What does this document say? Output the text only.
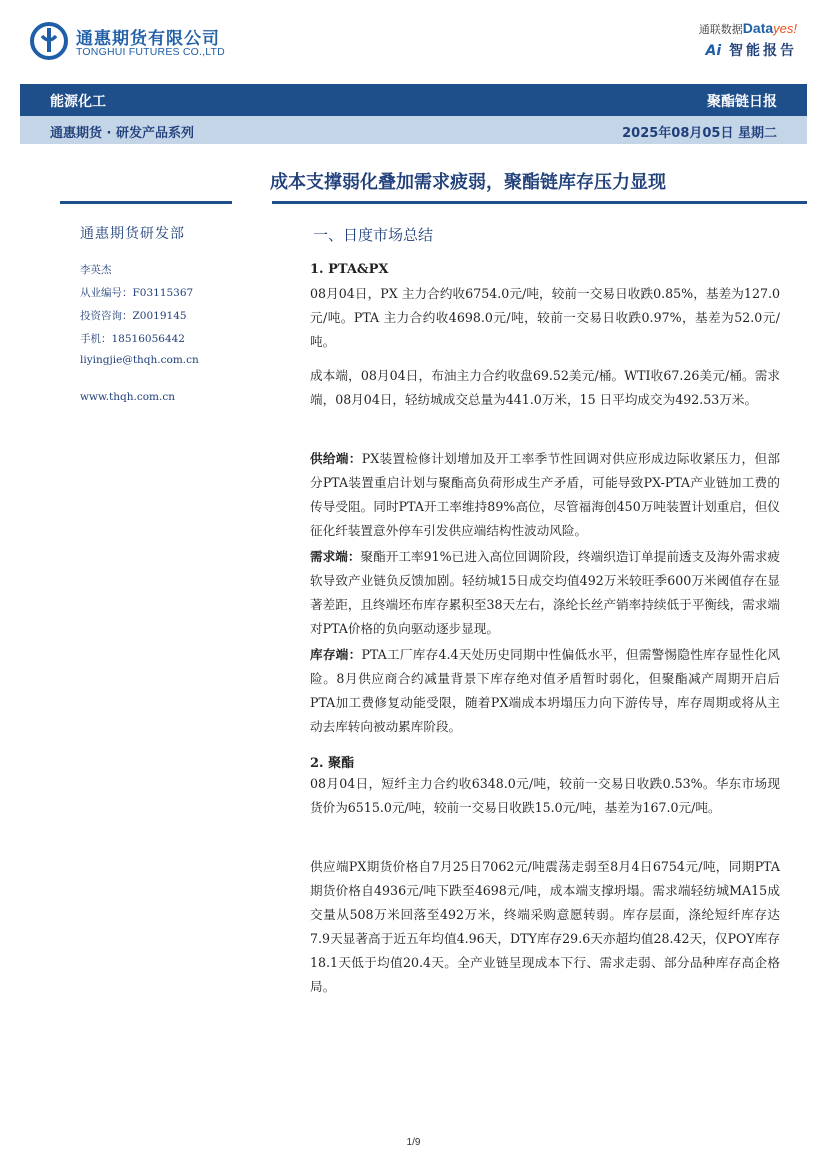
通惠期货有限公司
TONGHUI FUTURES CO.,LTD
通联数据Datayes!
Ai 智能报告
能源化工	聚酯链日报
通惠期货 · 研发产品系列	2025年08月05日 星期二
成本支撑弱化叠加需求疲弱，聚酯链库存压力显现
通惠期货研发部
李英杰
从业编号：F03115367
投资咨询：Z0019145
手机：18516056442
liyingjie@thqh.com.cn
www.thqh.com.cn
一、日度市场总结
1. PTA&PX

08月04日，PX 主力合约收6754.0元/吨，较前一交易日收跌0.85%，基差为127.0元/吨。PTA 主力合约收4698.0元/吨，较前一交易日收跌0.97%，基差为52.0元/吨。

成本端，08月04日，布油主力合约收盘69.52美元/桶。WTI收67.26美元/桶。需求端，08月04日，轻纺城成交总量为441.0万米，15 日平均成交为492.53万米。

供给端：PX装置检修计划增加及开工率季节性回调对供应形成边际收紧压力，但部分PTA装置重启计划与聚酯高负荷形成生产矛盾，可能导致PX-PTA产业链加工费的传导受阻。同时PTA开工率维持89%高位，尽管福海创450万吨装置计划重启，但仪征化纤装置意外停车引发供应端结构性波动风险。

需求端：聚酯开工率91%已进入高位回调阶段，终端织造订单提前透支及海外需求疲软导致产业链负反馈加剧。轻纺城15日成交均值492万米较旺季600万米阈值存在显著差距，且终端坯布库存累积至38天左右，涤纶长丝产销率持续低于平衡线，需求端对PTA价格的负向驱动逐步显现。

库存端：PTA工厂库存4.4天处历史同期中性偏低水平，但需警惕隐性库存显性化风险。8月供应商合约减量背景下库存绝对值矛盾暂时弱化，但聚酯减产周期开启后PTA加工费修复动能受限，随着PX端成本坍塌压力向下游传导，库存周期或将从主动去库转向被动累库阶段。

2. 聚酯

08月04日，短纤主力合约收6348.0元/吨，较前一交易日收跌0.53%。华东市场现货价为6515.0元/吨，较前一交易日收跌15.0元/吨，基差为167.0元/吨。

供应端PX期货价格自7月25日7062元/吨震荡走弱至8月4日6754元/吨，同期PTA期货价格自4936元/吨下跌至4698元/吨，成本端支撑坍塌。需求端轻纺城MA15成交量从508万米回落至492万米，终端采购意愿转弱。库存层面，涤纶短纤库存达7.9天显著高于近五年均值4.96天，DTY库存29.6天亦超均值28.42天，仅POY库存18.1天低于均值20.4天。全产业链呈现成本下行、需求走弱、部分品种库存高企格局。

1/9
